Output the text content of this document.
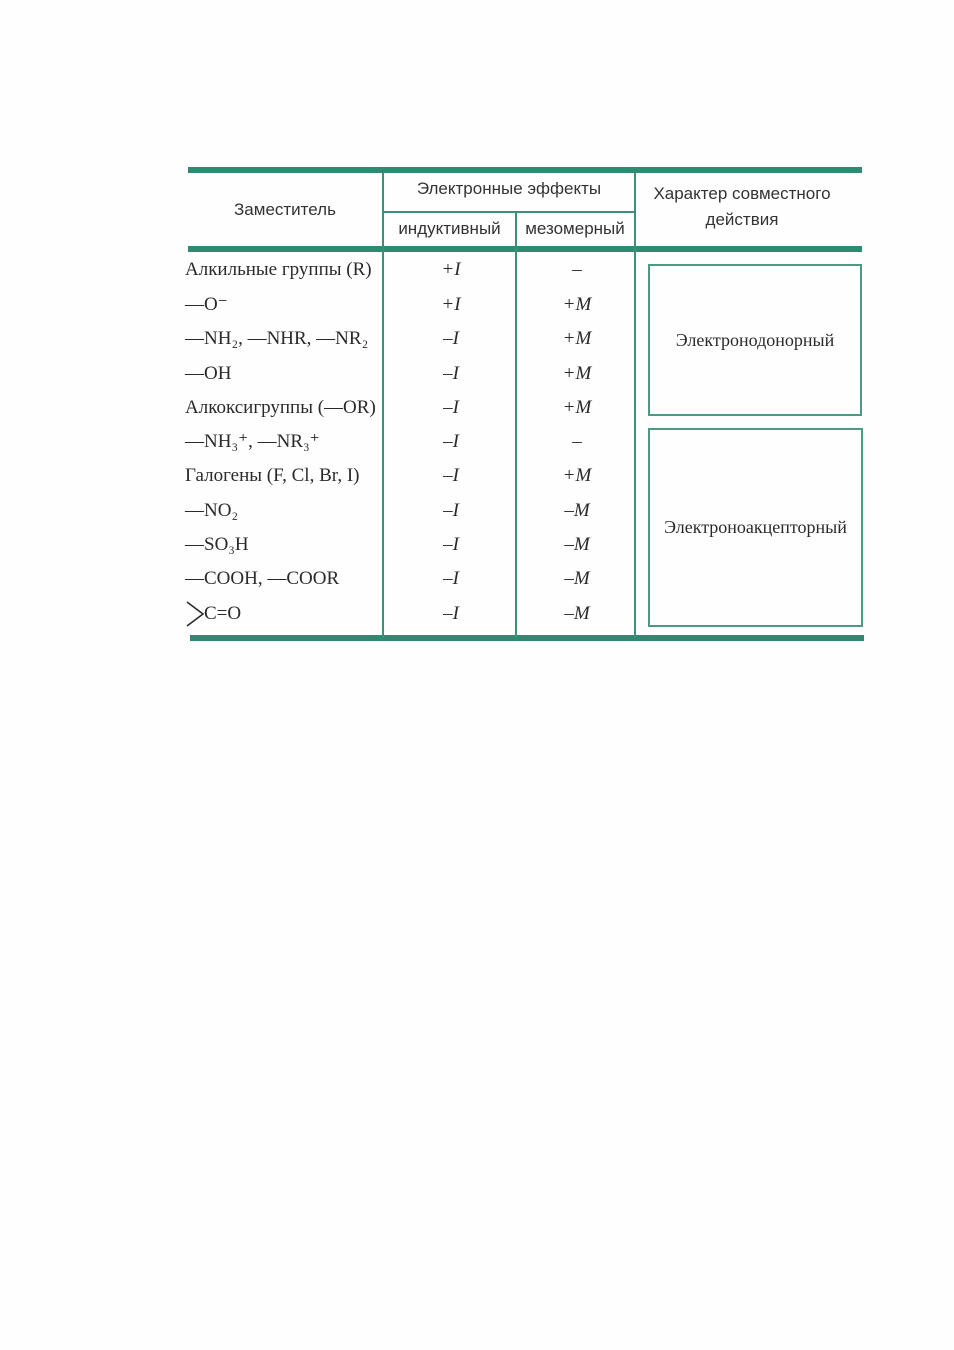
Заместитель
Электронные эффекты
индуктивный	мезомерный
Характер совместного
действия
Алкильные группы (R)
—O⁻
—NH₂, —NHR, —NR₂
—OH
Алкоксигруппы (—OR)
—NH₃⁺, —NR₃⁺
Галогены (F, Cl, Br, I)
—NO₂
—SO₃H
—COOH, —COOR
C=O
+I
+I
–I
–I
–I
–I
–I
–I
–I
–I
–I
–
+M
+M
+M
+M
–
+M
–M
–M
–M
–M
Электронодонорный
Электроноакцепторный
